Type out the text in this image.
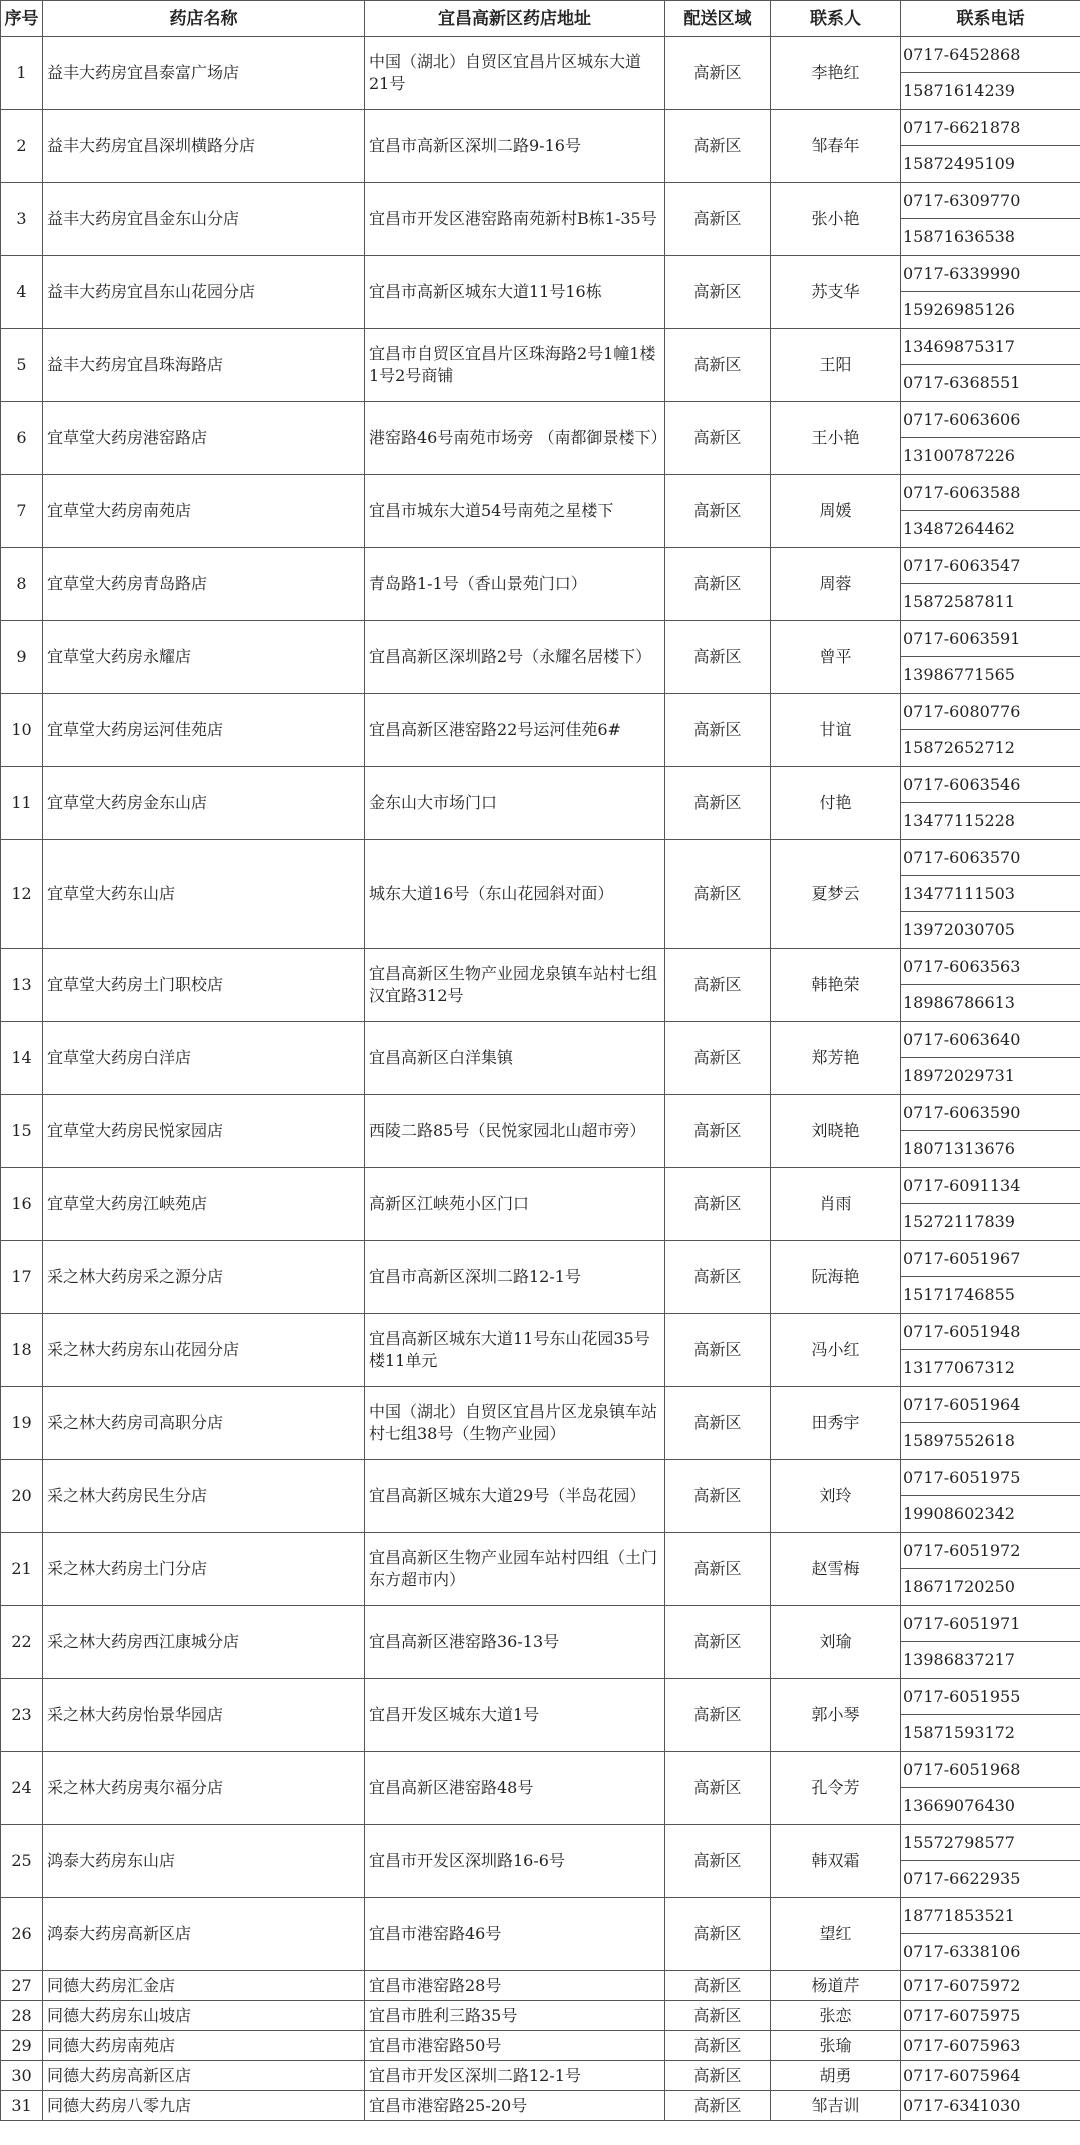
序号	药店名称	宜昌高新区药店地址	配送区域	联系人	联系电话
1	益丰大药房宜昌泰富广场店	中国（湖北）自贸区宜昌片区城东大道21号	高新区	李艳红	0717-6452868
15871614239

2	益丰大药房宜昌深圳横路分店	宜昌市高新区深圳二路9-16号	高新区	邹春年	0717-6621878
15872495109

3	益丰大药房宜昌金东山分店	宜昌市开发区港窑路南苑新村B栋1-35号	高新区	张小艳	0717-6309770
15871636538

4	益丰大药房宜昌东山花园分店	宜昌市高新区城东大道11号16栋	高新区	苏支华	0717-6339990
15926985126

5	益丰大药房宜昌珠海路店	宜昌市自贸区宜昌片区珠海路2号1幢1楼1号2号商铺	高新区	王阳	13469875317
0717-6368551

6	宜草堂大药房港窑路店	港窑路46号南苑市场旁 （南都御景楼下）	高新区	王小艳	0717-6063606
13100787226

7	宜草堂大药房南苑店	宜昌市城东大道54号南苑之星楼下	高新区	周媛	0717-6063588
13487264462

8	宜草堂大药房青岛路店	青岛路1-1号（香山景苑门口）	高新区	周蓉	0717-6063547
15872587811

9	宜草堂大药房永耀店	宜昌高新区深圳路2号（永耀名居楼下）	高新区	曾平	0717-6063591
13986771565

10	宜草堂大药房运河佳苑店	宜昌高新区港窑路22号运河佳苑6#	高新区	甘谊	0717-6080776
15872652712

11	宜草堂大药房金东山店	金东山大市场门口	高新区	付艳	0717-6063546
13477115228

12	宜草堂大药东山店	城东大道16号（东山花园斜对面）	高新区	夏梦云	0717-6063570
13477111503
13972030705

13	宜草堂大药房土门职校店	宜昌高新区生物产业园龙泉镇车站村七组汉宜路312号	高新区	韩艳荣	0717-6063563
18986786613

14	宜草堂大药房白洋店	宜昌高新区白洋集镇	高新区	郑芳艳	0717-6063640
18972029731

15	宜草堂大药房民悦家园店	西陵二路85号（民悦家园北山超市旁）	高新区	刘晓艳	0717-6063590
18071313676

16	宜草堂大药房江峡苑店	高新区江峡苑小区门口	高新区	肖雨	0717-6091134
15272117839

17	采之林大药房采之源分店	宜昌市高新区深圳二路12-1号	高新区	阮海艳	0717-6051967
15171746855

18	采之林大药房东山花园分店	宜昌高新区城东大道11号东山花园35号楼11单元	高新区	冯小红	0717-6051948
13177067312

19	采之林大药房司高职分店	中国（湖北）自贸区宜昌片区龙泉镇车站村七组38号（生物产业园）	高新区	田秀宇	0717-6051964
15897552618

20	采之林大药房民生分店	宜昌高新区城东大道29号（半岛花园）	高新区	刘玲	0717-6051975
19908602342

21	采之林大药房土门分店	宜昌高新区生物产业园车站村四组（土门东方超市内）	高新区	赵雪梅	0717-6051972
18671720250

22	采之林大药房西江康城分店	宜昌高新区港窑路36-13号	高新区	刘瑜	0717-6051971
13986837217

23	采之林大药房怡景华园店	宜昌开发区城东大道1号	高新区	郭小琴	0717-6051955
15871593172

24	采之林大药房夷尔福分店	宜昌高新区港窑路48号	高新区	孔令芳	0717-6051968
13669076430

25	鸿泰大药房东山店	宜昌市开发区深圳路16-6号	高新区	韩双霜	15572798577
0717-6622935

26	鸿泰大药房高新区店	宜昌市港窑路46号	高新区	望红	18771853521
0717-6338106

27	同德大药房汇金店	宜昌市港窑路28号	高新区	杨道芹	0717-6075972

28	同德大药房东山坡店	宜昌市胜利三路35号	高新区	张恋	0717-6075975

29	同德大药房南苑店	宜昌市港窑路50号	高新区	张瑜	0717-6075963

30	同德大药房高新区店	宜昌市开发区深圳二路12-1号	高新区	胡勇	0717-6075964

31	同德大药房八零九店	宜昌市港窑路25-20号	高新区	邹吉训	0717-6341030
